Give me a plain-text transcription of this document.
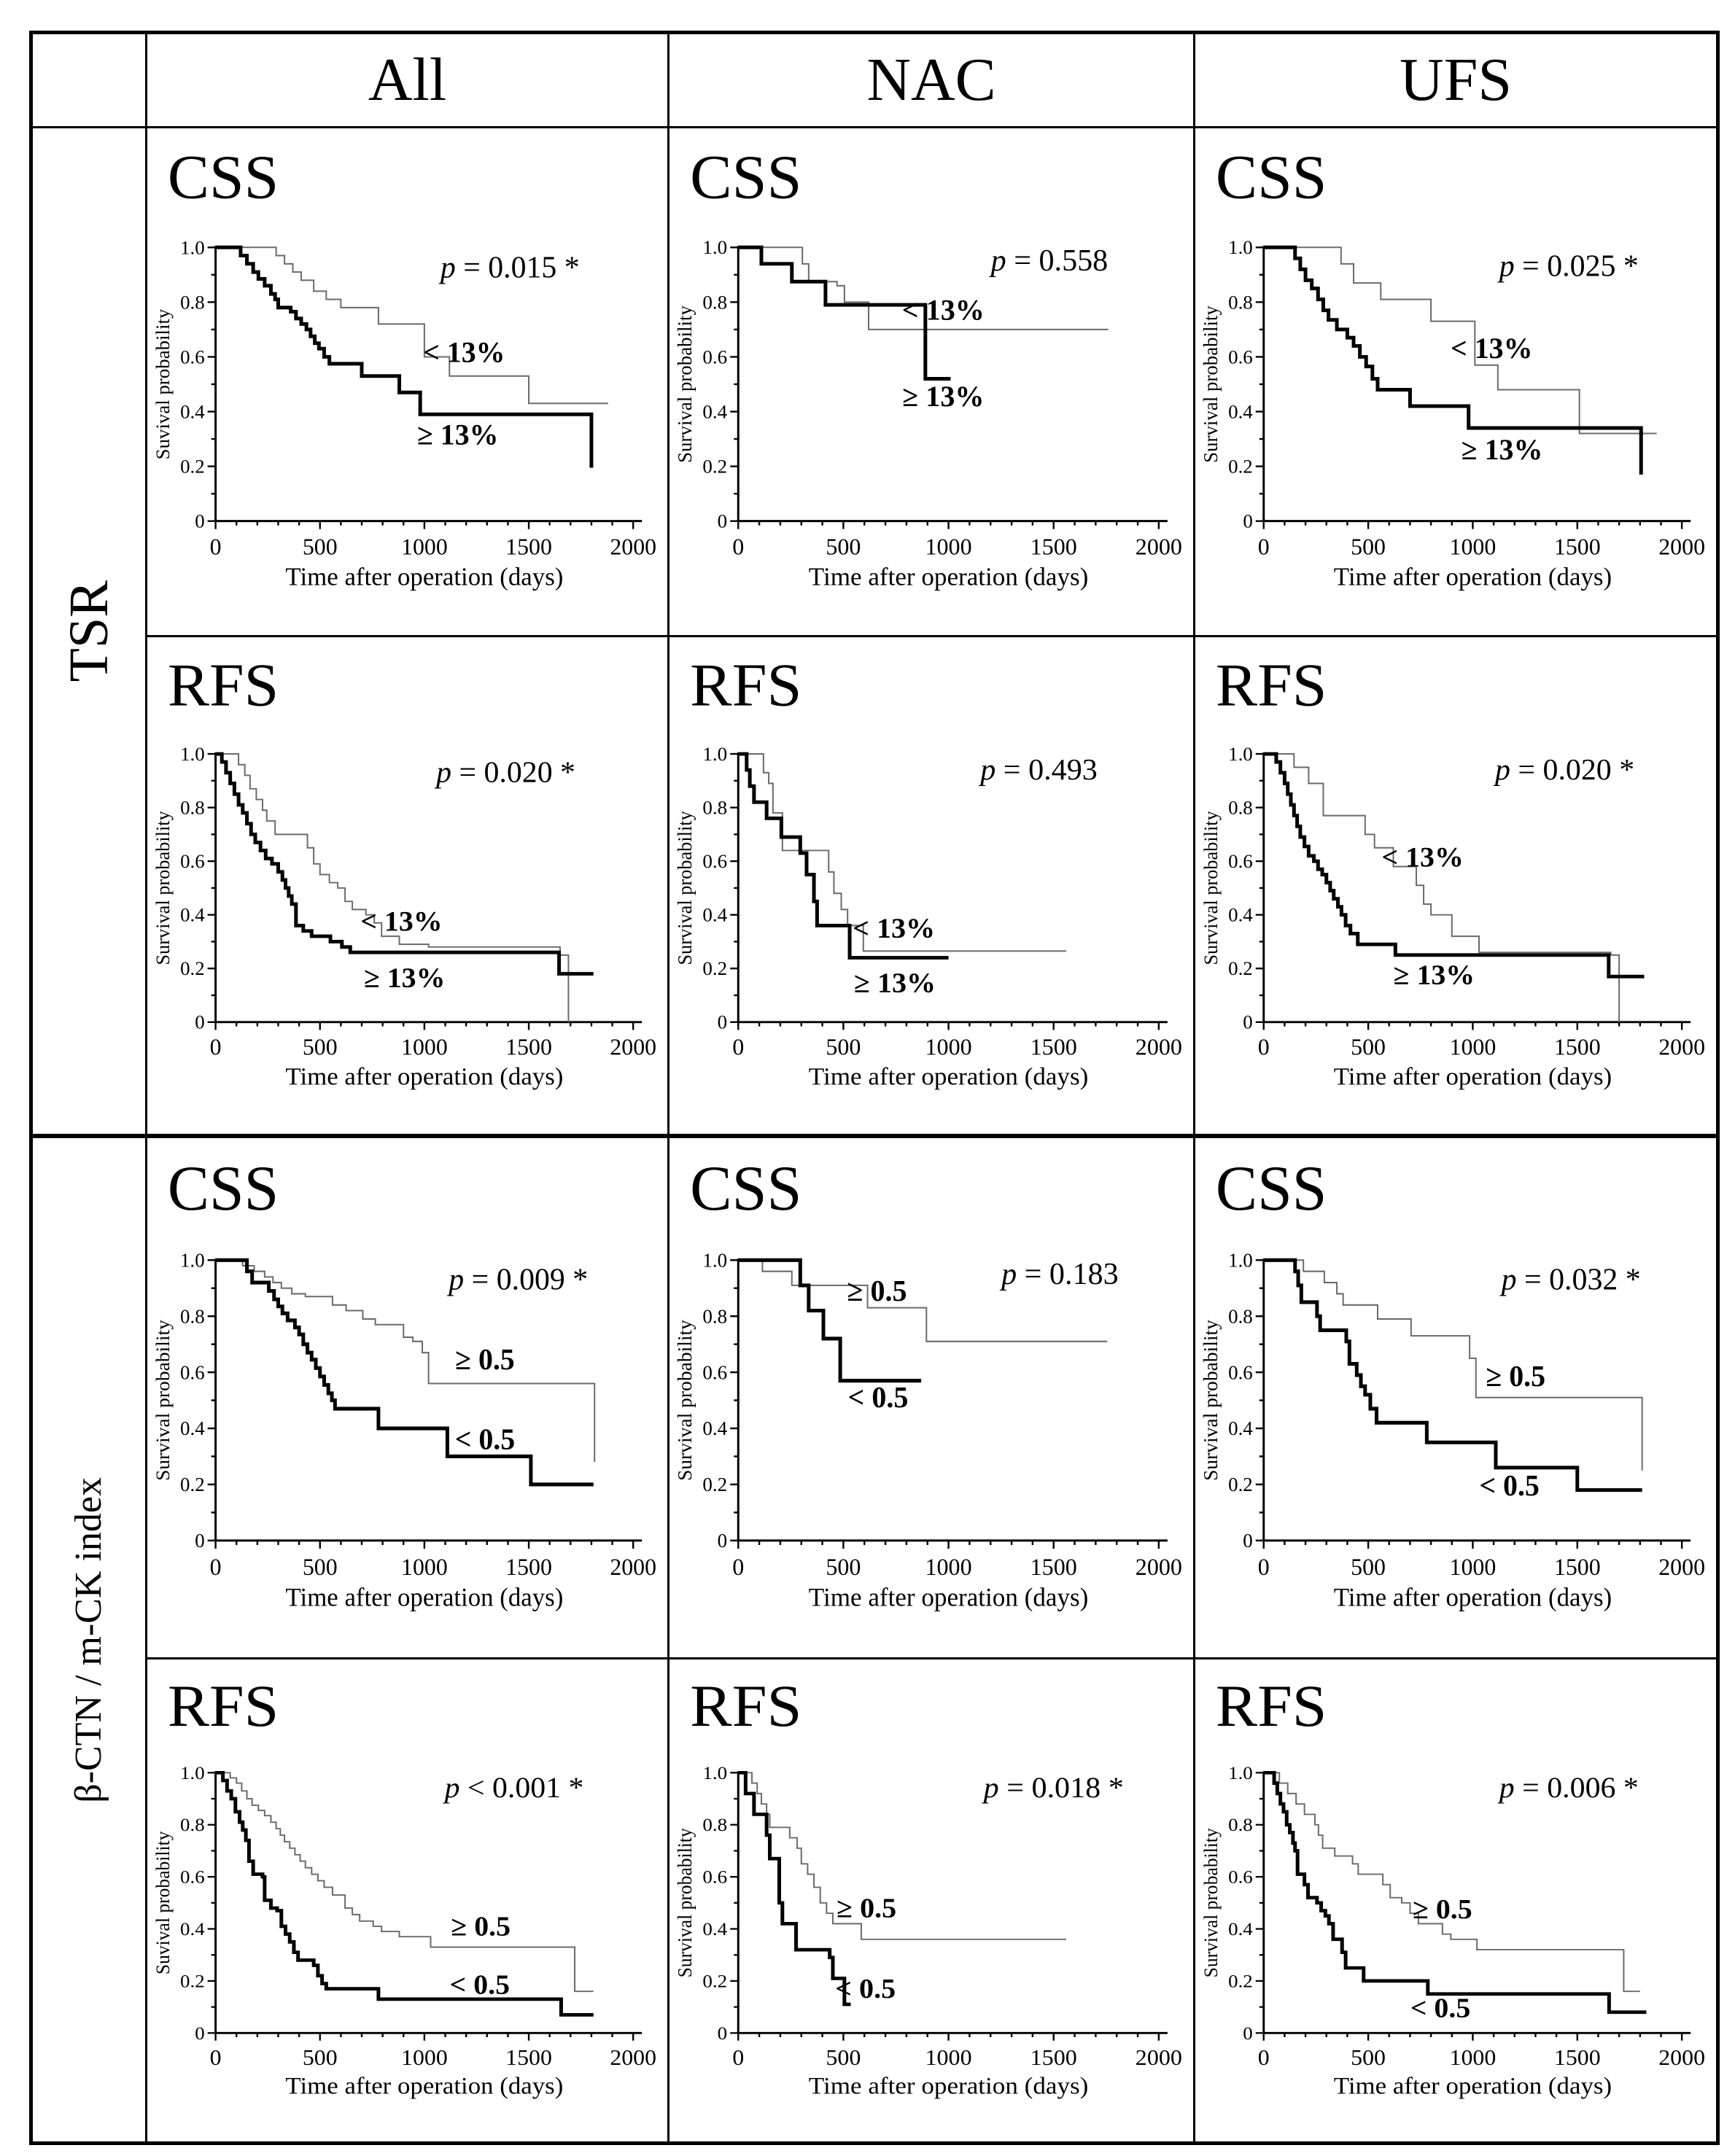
All	NAC	UFS
TSR
β-CTN / m-CK index
CSS
0
0.2
0.4
0.6
0.8
1.0
0	500	1000 1500 2000
Suvival probability
Time after operation (days)
< 13%
≥ 13%
p = 0.015 *
CSS
0
0.2
0.4
0.6
0.8
1.0
0	500	1000 1500 2000
Survival probability
Time after operation (days)
< 13%
≥ 13%
p = 0.558
CSS
0
0.2
0.4
0.6
0.8
1.0
0	500	1000 1500 2000
Survival probability
Time after operation (days)
< 13%
≥ 13%
p = 0.025 *
RFS
0
0.2
0.4
0.6
0.8
1.0
0	500	1000 1500 2000
Survival probability
Time after operation (days)
< 13%
≥ 13%
p = 0.020 *
RFS
0
0.2
0.4
0.6
0.8
1.0
0	500	1000	1500	2000
Survival probability
Time after operation (days)
< 13%
≥ 13%
p = 0.493
RFS
0
0.2
0.4
0.6
0.8
1.0
0	500	1000 1500 2000
Survival probability
Time after operation (days)
< 13%
≥ 13%
p = 0.020 *
CSS
0
0.2
0.4
0.6
0.8
1.0
0	500	1000 1500 2000
Survival probability
Time after operation (days)
≥ 0.5
< 0.5
p = 0.009 *
CSS
0
0.2
0.4
0.6
0.8
1.0
0	500	1000 1500 2000
Survival probability
Time after operation (days)
≥ 0.5
< 0.5
p = 0.183
CSS
0
0.2
0.4
0.6
0.8
1.0
0	500	1000 1500 2000
Survival probability
Time after operation (days)
≥ 0.5
< 0.5
p = 0.032 *
RFS
0
0.2
0.4
0.6
0.8
1.0
0	500	1000 1500 2000
Suvival probability
Time after operation (days)
≥ 0.5
< 0.5
p < 0.001 *
RFS
0
0.2
0.4
0.6
0.8
1.0
0	500	1000	1500	2000
Survival probability
Time after operation (days)
≥ 0.5
< 0.5
p = 0.018 *
RFS
0
0.2
0.4
0.6
0.8
1.0
0	500	1000 1500 2000
Survival probability
Time after operation (days)
≥ 0.5
< 0.5
p = 0.006 *
